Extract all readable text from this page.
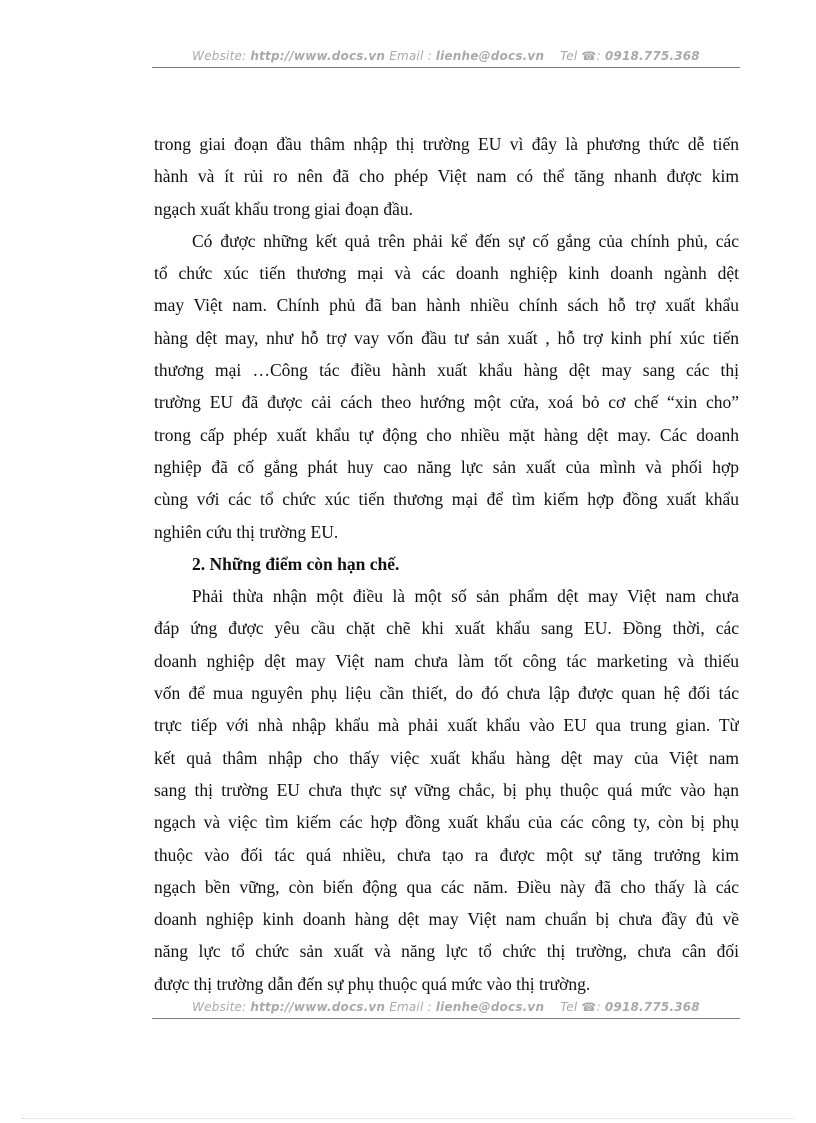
Website: http://www.docs.vn Email : lienhe@docs.vn Tel ☎: 0918.775.368
trong giai đoạn đầu thâm nhập thị trường EU vì đây là phương thức dễ tiến
hành và ít rủi ro nên đã cho phép Việt nam có thể tăng nhanh được kim
ngạch xuất khẩu trong giai đoạn đầu.
Có được những kết quả trên phải kể đến sự cố gắng của chính phủ, các
tổ chức xúc tiến thương mại và các doanh nghiệp kinh doanh ngành dệt
may Việt nam. Chính phủ đã ban hành nhiều chính sách hỗ trợ xuất khẩu
hàng dệt may, như hỗ trợ vay vốn đầu tư sản xuất , hỗ trợ kinh phí xúc tiến
thương mại …Công tác điều hành xuất khẩu hàng dệt may sang các thị
trường EU đã được cải cách theo hướng một cửa, xoá bỏ cơ chế “xin cho”
trong cấp phép xuất khẩu tự động cho nhiều mặt hàng dệt may. Các doanh
nghiệp đã cố gắng phát huy cao năng lực sản xuất của mình và phối hợp
cùng với các tổ chức xúc tiến thương mại để tìm kiếm hợp đồng xuất khẩu
nghiên cứu thị trường EU.
2. Những điểm còn hạn chế.
Phải thừa nhận một điều là một số sản phẩm dệt may Việt nam chưa
đáp ứng được yêu cầu chặt chẽ khi xuất khẩu sang EU. Đồng thời, các
doanh nghiệp dệt may Việt nam chưa làm tốt công tác marketing và thiếu
vốn để mua nguyên phụ liệu cần thiết, do đó chưa lập được quan hệ đối tác
trực tiếp với nhà nhập khẩu mà phải xuất khẩu vào EU qua trung gian. Từ
kết quả thâm nhập cho thấy việc xuất khẩu hàng dệt may của Việt nam
sang thị trường EU chưa thực sự vững chắc, bị phụ thuộc quá mức vào hạn
ngạch và việc tìm kiếm các hợp đồng xuất khẩu của các công ty, còn bị phụ
thuộc vào đối tác quá nhiều, chưa tạo ra được một sự tăng trưởng kim
ngạch bền vững, còn biến động qua các năm. Điều này đã cho thấy là các
doanh nghiệp kinh doanh hàng dệt may Việt nam chuẩn bị chưa đầy đủ về
năng lực tổ chức sản xuất và năng lực tổ chức thị trường, chưa cân đối
được thị trường dẫn đến sự phụ thuộc quá mức vào thị trường.
Website: http://www.docs.vn Email : lienhe@docs.vn Tel ☎: 0918.775.368
